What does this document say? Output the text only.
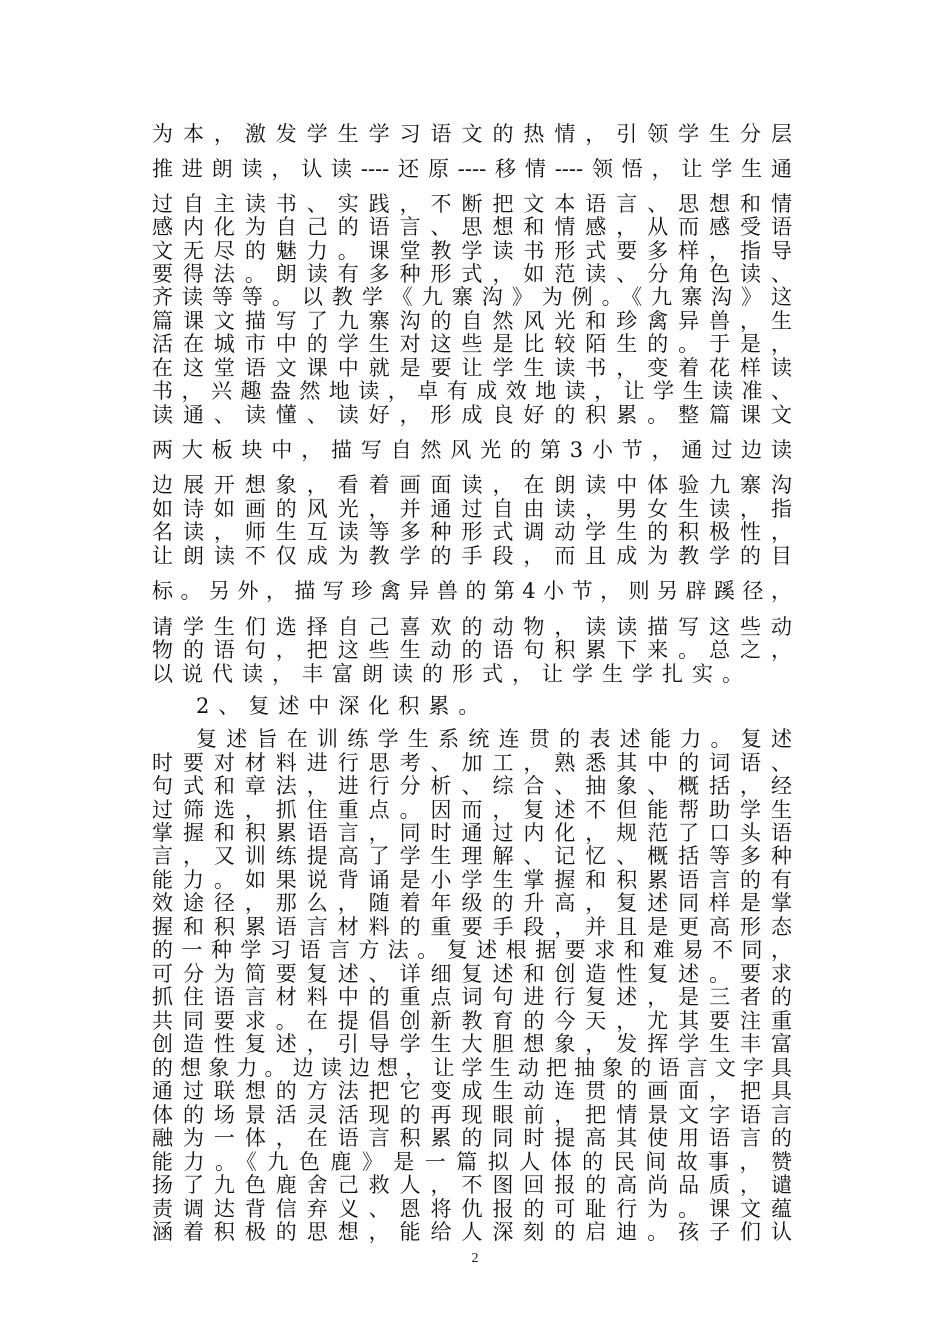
为本，激发学生学习语文的热情，引领学生分层
推进朗读，认读----还原----移情----领悟，让学生通
过自主读书、实践，不断把文本语言、思想和情
感内化为自己的语言、思想和情感，从而感受语
文无尽的魅力。课堂教学读书形式要多样，指导
要得法。朗读有多种形式，如范读、分角色读、
齐读等等。以教学《九寨沟》为例。《九寨沟》这
篇课文描写了九寨沟的自然风光和珍禽异兽，生
活在城市中的学生对这些是比较陌生的。于是，
在这堂语文课中就是要让学生读书，变着花样读
书，兴趣盎然地读，卓有成效地读，让学生读准、
读通、读懂、读好，形成良好的积累。整篇课文
两大板块中，描写自然风光的第3小节，通过边读
边展开想象，看着画面读，在朗读中体验九寨沟
如诗如画的风光，并通过自由读，男女生读，指
名读，师生互读等多种形式调动学生的积极性，
让朗读不仅成为教学的手段，而且成为教学的目
标。另外，描写珍禽异兽的第4小节，则另辟蹊径，
请学生们选择自己喜欢的动物，读读描写这些动
物的语句，把这些生动的语句积累下来。总之，
以说代读，丰富朗读的形式，让学生学扎实。
2、复述中深化积累。
复述旨在训练学生系统连贯的表述能力。复述
时要对材料进行思考、加工，熟悉其中的词语、
句式和章法，进行分析、综合、抽象、概括，经
过筛选，抓住重点。因而，复述不但能帮助学生
掌握和积累语言，同时通过内化，规范了口头语
言，又训练提高了学生理解、记忆、概括等多种
能力。如果说背诵是小学生掌握和积累语言的有
效途径，那么，随着年级的升高，复述同样是掌
握和积累语言材料的重要手段，并且是更高形态
的一种学习语言方法。复述根据要求和难易不同，
可分为简要复述、详细复述和创造性复述。要求
抓住语言材料中的重点词句进行复述，是三者的
共同要求。在提倡创新教育的今天，尤其要注重
创造性复述，引导学生大胆想象，发挥学生丰富
的想象力。边读边想，让学生动把抽象的语言文字具
通过联想的方法把它变成生动连贯的画面，把具
体的场景活灵活现的再现眼前，把情景文字语言
融为一体，在语言积累的同时提高其使用语言的
能力。《九色鹿》是一篇拟人体的民间故事，赞
扬了九色鹿舍己救人，不图回报的高尚品质，谴
责调达背信弃义、恩将仇报的可耻行为。课文蕴
涵着积极的思想，能给人深刻的启迪。孩子们认
2
